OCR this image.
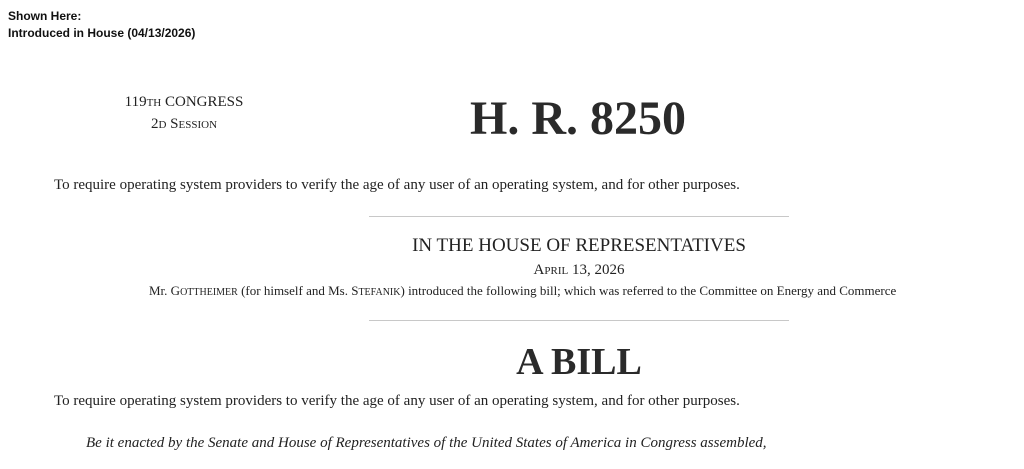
Shown Here:
Introduced in House (04/13/2026)
119TH CONGRESS
2D SESSION	H. R. 8250
To require operating system providers to verify the age of any user of an operating system, and for other purposes.
IN THE HOUSE OF REPRESENTATIVES
APRIL 13, 2026
Mr. GOTTHEIMER (for himself and Ms. STEFANIK) introduced the following bill; which was referred to the Committee on Energy and Commerce
A BILL
To require operating system providers to verify the age of any user of an operating system, and for other purposes.
Be it enacted by the Senate and House of Representatives of the United States of America in Congress assembled,
